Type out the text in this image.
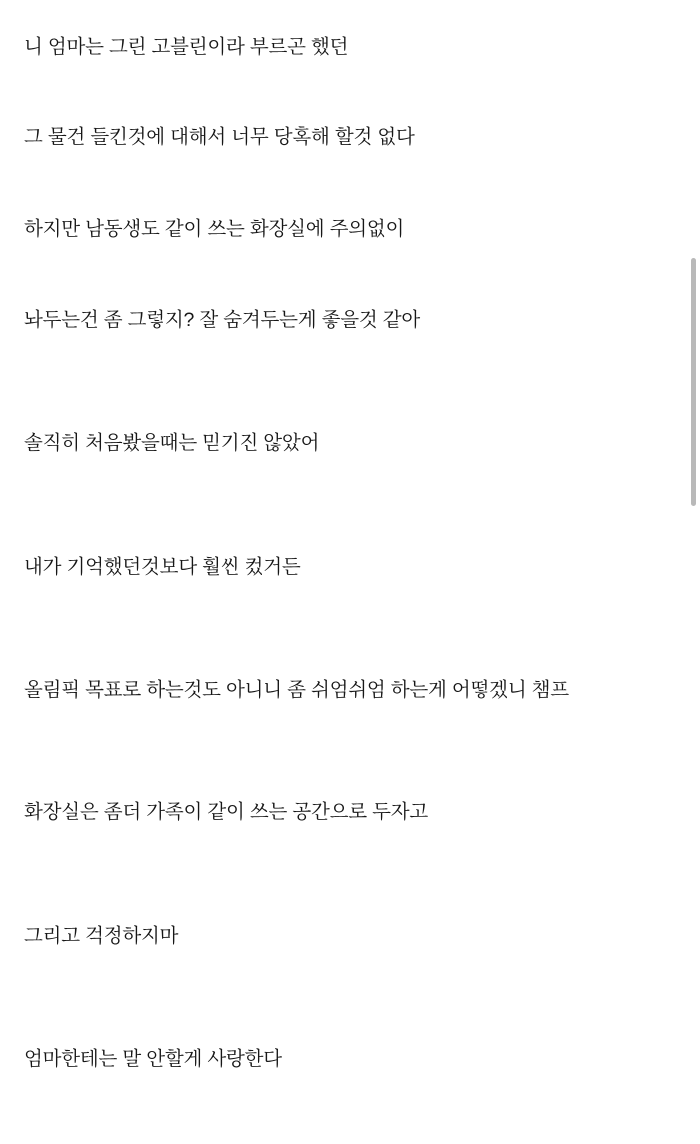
니 엄마는 그린 고블린이라 부르곤 했던

그 물건 들킨것에 대해서 너무 당혹해 할것 없다

하지만 남동생도 같이 쓰는 화장실에 주의없이

놔두는건 좀 그렇지? 잘 숨겨두는게 좋을것 같아

솔직히 처음봤을때는 믿기진 않았어

내가 기억했던것보다 훨씬 컸거든

올림픽 목표로 하는것도 아니니 좀 쉬엄쉬엄 하는게 어떻겠니 챔프

화장실은 좀더 가족이 같이 쓰는 공간으로 두자고

그리고 걱정하지마

엄마한테는 말 안할게 사랑한다
